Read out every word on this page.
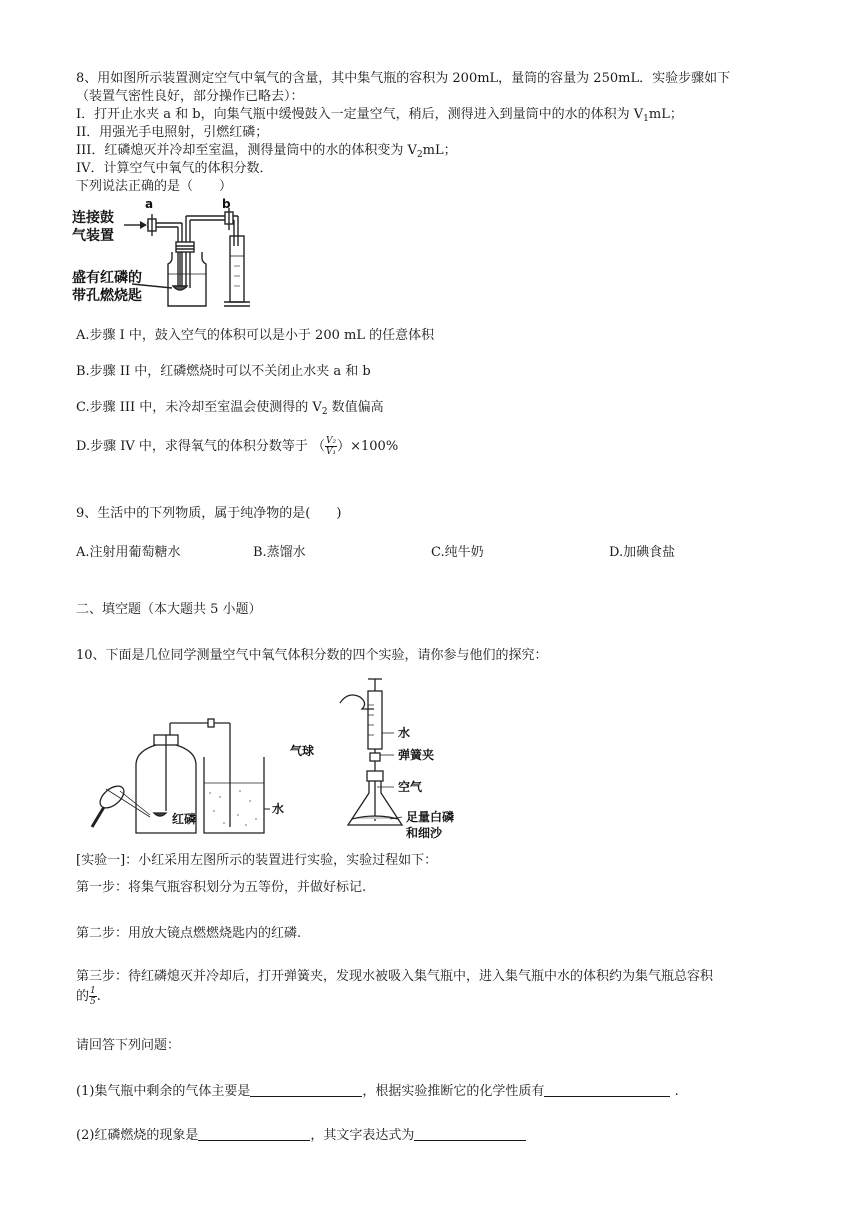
8、用如图所示装置测定空气中氧气的含量，其中集气瓶的容积为 200mL，量筒的容量为 250mL．实验步骤如下
（装置气密性良好，部分操作已略去）：
I．打开止水夹 a 和 b，向集气瓶中缓慢鼓入一定量空气，稍后，测得进入到量筒中的水的体积为 $V_1mL$；
II．用强光手电照射，引燃红磷；
III．红磷熄灭并冷却至室温，测得量筒中的水的体积变为 $V_2mL$；
IV．计算空气中氧气的体积分数．
下列说法正确的是（　　）
a	b
连接鼓
气装置
盛有红磷的
带孔燃烧匙
A.步骤 I 中，鼓入空气的体积可以是小于 200 mL 的任意体积
B.步骤 II 中，红磷燃烧时可以不关闭止水夹 a 和 b
C.步骤 III 中，未冷却至室温会使测得的 $V_2$ 数值偏高
D.步骤 IV 中，求得氧气的体积分数等于 （ $\frac{\text{V₂}}{\text{V₁}} )\times 100\%$
9、生活中的下列物质，属于纯净物的是(　　)
A.注射用葡萄糖水	B.蒸馏水	C.纯牛奶	D.加碘食盐
二、填空题（本大题共 5 小题）
10、下面是几位同学测量空气中氧气体积分数的四个实验，请你参与他们的探究：
红磷
水
水
气球	弹簧夹
空气
足量白磷
和细沙
[实验一]：小红采用左图所示的装置进行实验，实验过程如下：
第一步：将集气瓶容积划分为五等份，并做好标记.
第二步：用放大镜点燃燃烧匙内的红磷.
第三步：待红磷熄灭并冷却后，打开弹簧夹，发现水被吸入集气瓶中，进入集气瓶中水的体积约为集气瓶总容积
的 $\frac{1}{5}$ .
请回答下列问题：
(1)集气瓶中剩余的气体主要是	，根据实验推断它的化学性质有	.
(2)红磷燃烧的现象是	，其文字表达式为
